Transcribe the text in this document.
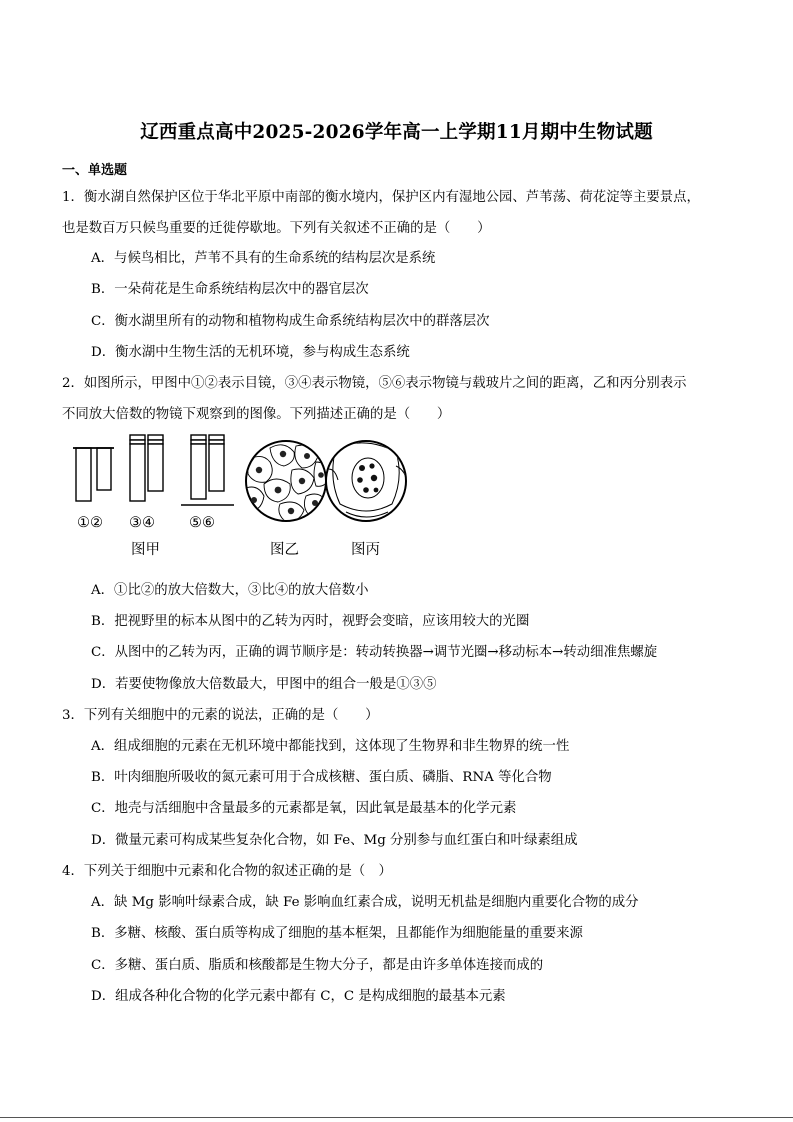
辽西重点高中2025-2026学年高一上学期11月期中生物试题
一、单选题
1．衡水湖自然保护区位于华北平原中南部的衡水境内，保护区内有湿地公园、芦苇荡、荷花淀等主要景点，
也是数百万只候鸟重要的迁徙停歇地。下列有关叙述不正确的是（　　）
A．与候鸟相比，芦苇不具有的生命系统的结构层次是系统
B．一朵荷花是生命系统结构层次中的器官层次
C．衡水湖里所有的动物和植物构成生命系统结构层次中的群落层次
D．衡水湖中生物生活的无机环境，参与构成生态系统
2．如图所示，甲图中①②表示目镜，③④表示物镜，⑤⑥表示物镜与载玻片之间的距离，乙和丙分别表示
不同放大倍数的物镜下观察到的图像。下列描述正确的是（　　）
①② ③④ ⑤⑥
图甲	图乙	图丙
A．①比②的放大倍数大，③比④的放大倍数小
B．把视野里的标本从图中的乙转为丙时，视野会变暗，应该用较大的光圈
C．从图中的乙转为丙，正确的调节顺序是：转动转换器→调节光圈→移动标本→转动细准焦螺旋
D．若要使物像放大倍数最大，甲图中的组合一般是①③⑤
3．下列有关细胞中的元素的说法，正确的是（　　）
A．组成细胞的元素在无机环境中都能找到，这体现了生物界和非生物界的统一性
B．叶肉细胞所吸收的氮元素可用于合成核糖、蛋白质、磷脂、RNA 等化合物
C．地壳与活细胞中含量最多的元素都是氧，因此氧是最基本的化学元素
D．微量元素可构成某些复杂化合物，如 Fe、Mg 分别参与血红蛋白和叶绿素组成
4．下列关于细胞中元素和化合物的叙述正确的是（　）
A．缺 Mg 影响叶绿素合成，缺 Fe 影响血红素合成，说明无机盐是细胞内重要化合物的成分
B．多糖、核酸、蛋白质等构成了细胞的基本框架，且都能作为细胞能量的重要来源
C．多糖、蛋白质、脂质和核酸都是生物大分子，都是由许多单体连接而成的
D．组成各种化合物的化学元素中都有 C，C 是构成细胞的最基本元素
